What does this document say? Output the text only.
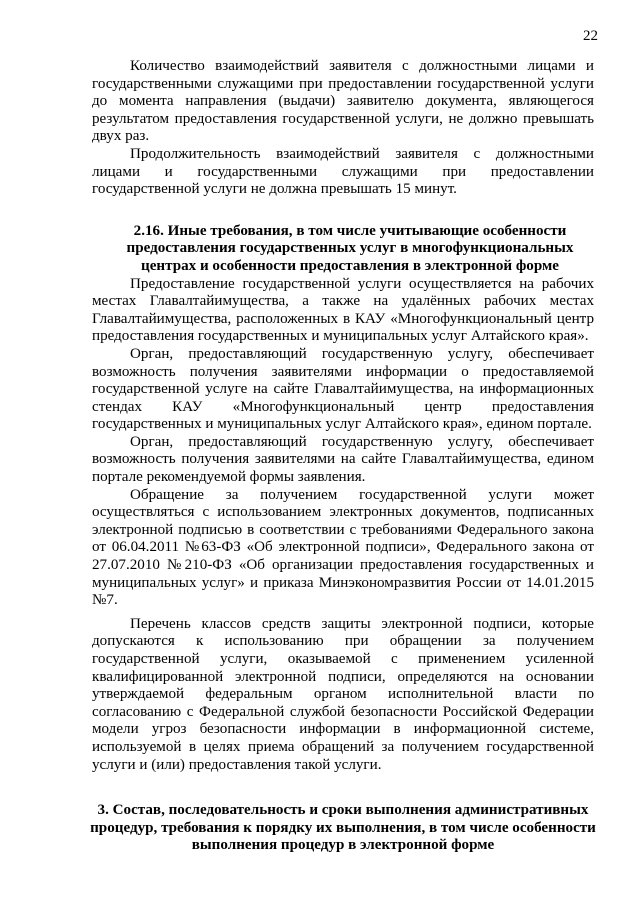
22

Количество взаимодействий заявителя с должностными лицами и государственными служащими при предоставлении государственной услуги до момента направления (выдачи) заявителю документа, являющегося результатом предоставления государственной услуги, не должно превышать двух раз.

Продолжительность взаимодействий заявителя с должностными лицами и государственными служащими при предоставлении государственной услуги не должна превышать 15 минут.

2.16. Иные требования, в том числе учитывающие особенности предоставления государственных услуг в многофункциональных центрах и особенности предоставления в электронной форме

Предоставление государственной услуги осуществляется на рабочих местах Главалтайимущества, а также на удалённых рабочих местах Главалтайимущества, расположенных в КАУ «Многофункциональный центр предоставления государственных и муниципальных услуг Алтайского края».

Орган, предоставляющий государственную услугу, обеспечивает возможность получения заявителями информации о предоставляемой государственной услуге на сайте Главалтайимущества, на информационных стендах КАУ «Многофункциональный центр предоставления государственных и муниципальных услуг Алтайского края», едином портале.

Орган, предоставляющий государственную услугу, обеспечивает возможность получения заявителями на сайте Главалтайимущества, едином портале рекомендуемой формы заявления.

Обращение за получением государственной услуги может осуществляться с использованием электронных документов, подписанных электронной подписью в соответствии с требованиями Федерального закона от 06.04.2011 №63-ФЗ «Об электронной подписи», Федерального закона от 27.07.2010 №210-ФЗ «Об организации предоставления государственных и муниципальных услуг» и приказа Минэкономразвития России от 14.01.2015 №7.

Перечень классов средств защиты электронной подписи, которые допускаются к использованию при обращении за получением государственной услуги, оказываемой с применением усиленной квалифицированной электронной подписи, определяются на основании утверждаемой федеральным органом исполнительной власти по согласованию с Федеральной службой безопасности Российской Федерации модели угроз безопасности информации в информационной системе, используемой в целях приема обращений за получением государственной услуги и (или) предоставления такой услуги.

3. Состав, последовательность и сроки выполнения административных процедур, требования к порядку их выполнения, в том числе особенности выполнения процедур в электронной форме
